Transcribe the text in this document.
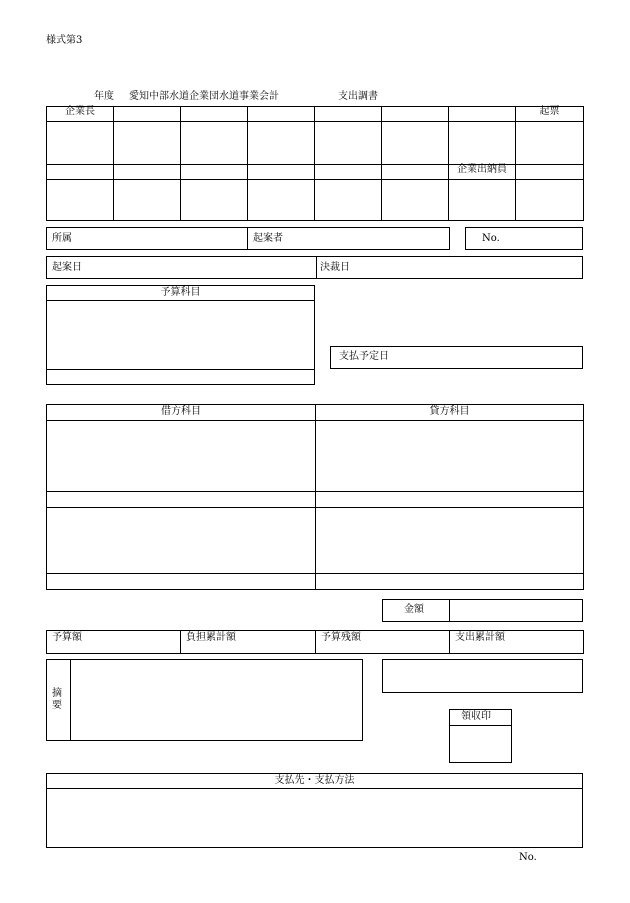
様式第3
年度 愛知中部水道企業団水道事業会計	支出調書
企業長							起票

						企業出納員	

所属	起案者	No.
起案日	決裁日
予算科目

支払予定日
借方科目	貸方科目

金額
予算額	負担累計額	予算残額	支出累計額
摘要
領収印
支払先・支払方法

No.
